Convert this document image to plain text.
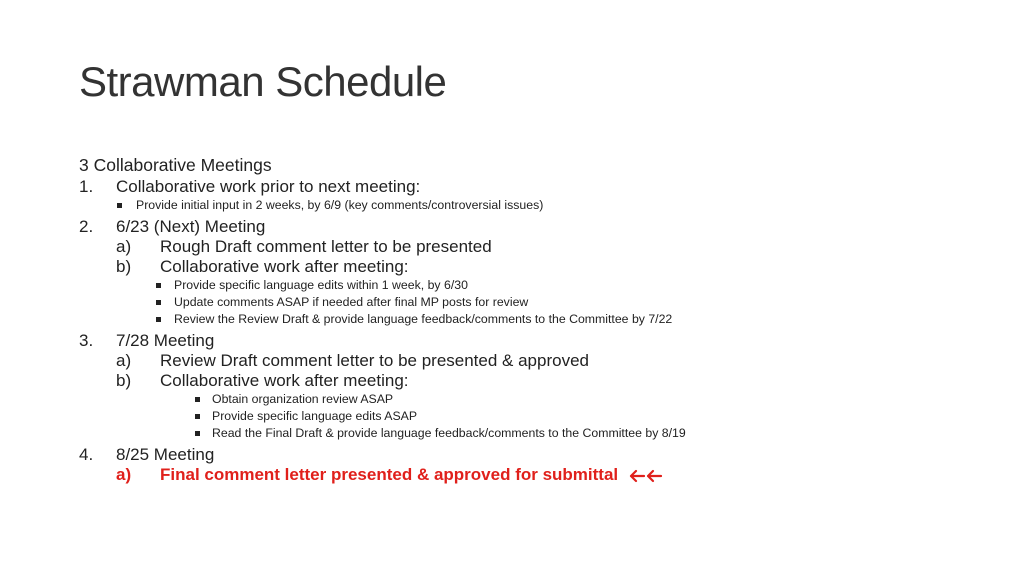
Strawman Schedule
3 Collaborative Meetings
1. Collaborative work prior to next meeting:
Provide initial input in 2 weeks, by 6/9 (key comments/controversial issues)
2. 6/23 (Next) Meeting
a) Rough Draft comment letter to be presented
b) Collaborative work after meeting:
Provide specific language edits within 1 week, by 6/30
Update comments ASAP if needed after final MP posts for review
Review the Review Draft & provide language feedback/comments to the Committee by 7/22
3. 7/28 Meeting
a) Review Draft comment letter to be presented & approved
b) Collaborative work after meeting:
Obtain organization review ASAP
Provide specific language edits ASAP
Read the Final Draft & provide language feedback/comments to the Committee by 8/19
4. 8/25 Meeting
a) Final comment letter presented & approved for submittal
